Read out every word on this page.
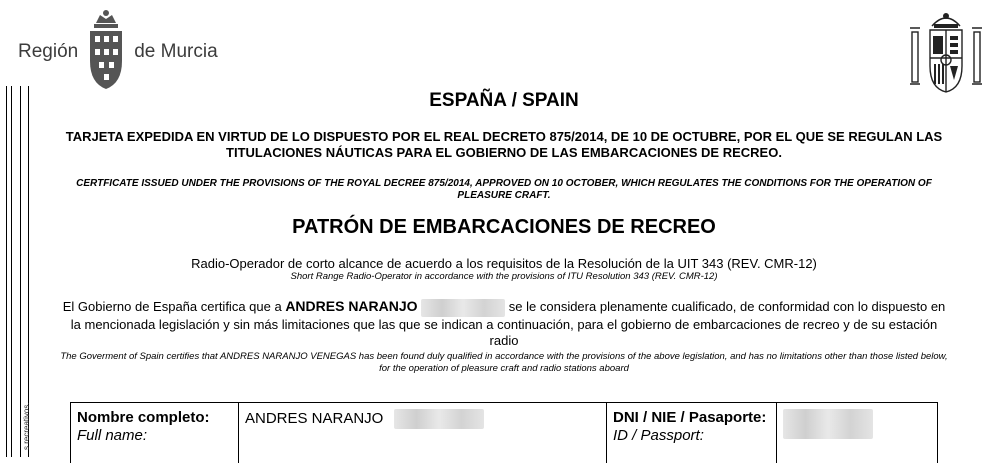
Región	de Murcia
s recreativos.
ESPAÑA / SPAIN
TARJETA EXPEDIDA EN VIRTUD DE LO DISPUESTO POR EL REAL DECRETO 875/2014, DE 10 DE OCTUBRE, POR EL QUE SE REGULAN LAS TITULACIONES NÁUTICAS PARA EL GOBIERNO DE LAS EMBARCACIONES DE RECREO.
CERTFICATE ISSUED UNDER THE PROVISIONS OF THE ROYAL DECREE 875/2014, APPROVED ON 10 OCTOBER, WHICH REGULATES THE CONDITIONS FOR THE OPERATION OF PLEASURE CRAFT.
PATRÓN DE EMBARCACIONES DE RECREO
Radio-Operador de corto alcance de acuerdo a los requisitos de la Resolución de la UIT 343 (REV. CMR-12)
Short Range Radio-Operator in accordance with the provisions of ITU Resolution 343 (REV. CMR-12)
El Gobierno de España certifica que a ANDRES NARANJO	se le considera plenamente cualificado, de conformidad con lo dispuesto en la mencionada legislación y sin más limitaciones que las que se indican a continuación, para el gobierno de embarcaciones de recreo y de su estación radio
The Goverment of Spain certifies that ANDRES NARANJO VENEGAS has been found duly qualified in accordance with the provisions of the above legislation, and has no limitations other than those listed below, for the operation of pleasure craft and radio stations aboard
Nombre completo:
Full name:
ANDRES NARANJO	DNI / NIE / Pasaporte:
ID / Passport:
